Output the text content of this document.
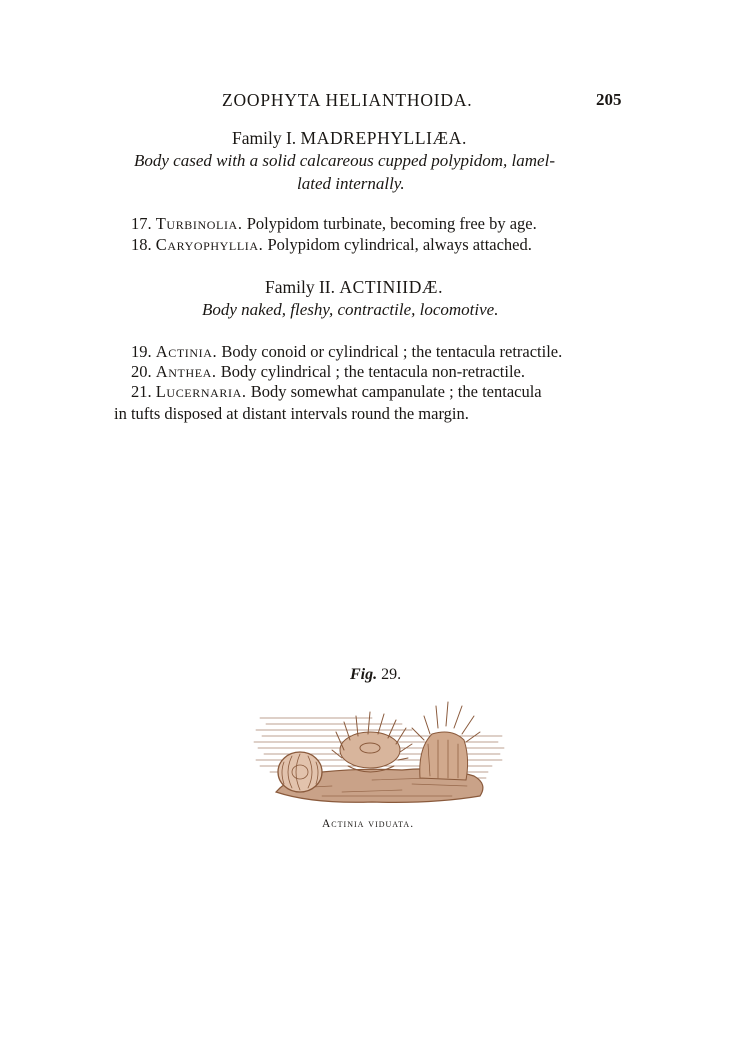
ZOOPHYTA HELIANTHOIDA.	205
Family I. MADREPHYLLIÆA.
Body cased with a solid calcareous cupped polypidom, lamel-
lated internally.
17. Turbinolia. Polypidom turbinate, becoming free by age.
18. Caryophyllia. Polypidom cylindrical, always attached.
Family II. ACTINIIDÆ.
Body naked, fleshy, contractile, locomotive.
19. Actinia. Body conoid or cylindrical ; the tentacula retractile.
20. Anthea. Body cylindrical ; the tentacula non-retractile.
21. Lucernaria. Body somewhat campanulate ; the tentacula
in tufts disposed at distant intervals round the margin.
Fig. 29.
Actinia viduata.
